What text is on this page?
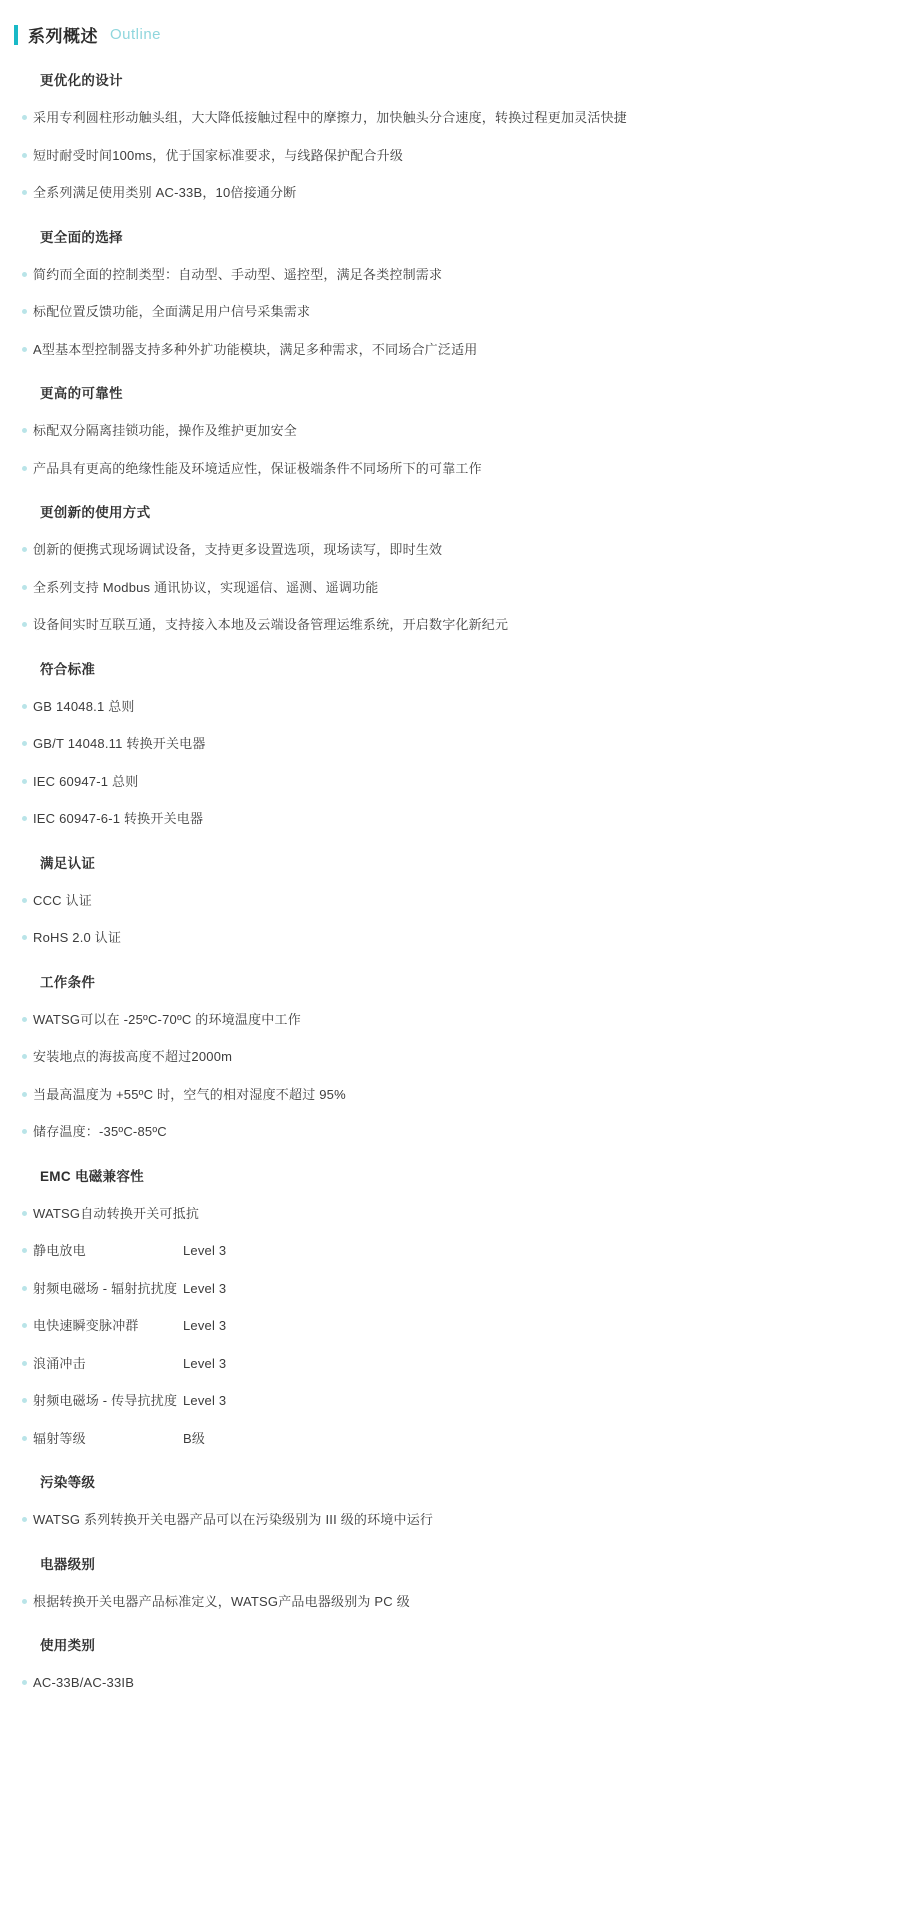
系列概述 Outline
更优化的设计
采用专利圆柱形动触头组，大大降低接触过程中的摩擦力，加快触头分合速度，转换过程更加灵活快捷
短时耐受时间100ms，优于国家标准要求，与线路保护配合升级
全系列满足使用类别 AC-33B，10倍接通分断
更全面的选择
简约而全面的控制类型：自动型、手动型、遥控型，满足各类控制需求
标配位置反馈功能，全面满足用户信号采集需求
A型基本型控制器支持多种外扩功能模块，满足多种需求，不同场合广泛适用
更高的可靠性
标配双分隔离挂锁功能，操作及维护更加安全
产品具有更高的绝缘性能及环境适应性，保证极端条件不同场所下的可靠工作
更创新的使用方式
创新的便携式现场调试设备，支持更多设置选项，现场读写，即时生效
全系列支持 Modbus 通讯协议，实现遥信、遥测、遥调功能
设备间实时互联互通，支持接入本地及云端设备管理运维系统，开启数字化新纪元
符合标准
GB 14048.1 总则
GB/T 14048.11 转换开关电器
IEC 60947-1 总则
IEC 60947-6-1 转换开关电器
满足认证
CCC 认证
RoHS 2.0 认证
工作条件
WATSG可以在 -25ºC-70ºC 的环境温度中工作
安装地点的海拔高度不超过2000m
当最高温度为 +55ºC 时，空气的相对湿度不超过 95%
储存温度：-35ºC-85ºC
EMC 电磁兼容性
WATSG自动转换开关可抵抗
静电放电	Level 3
射频电磁场 - 辐射抗扰度 Level 3
电快速瞬变脉冲群	Level 3
浪涌冲击	Level 3
射频电磁场 - 传导抗扰度 Level 3
辐射等级	B级
污染等级
WATSG 系列转换开关电器产品可以在污染级别为 III 级的环境中运行
电器级别
根据转换开关电器产品标准定义，WATSG产品电器级别为 PC 级
使用类别
AC-33B/AC-33IB
